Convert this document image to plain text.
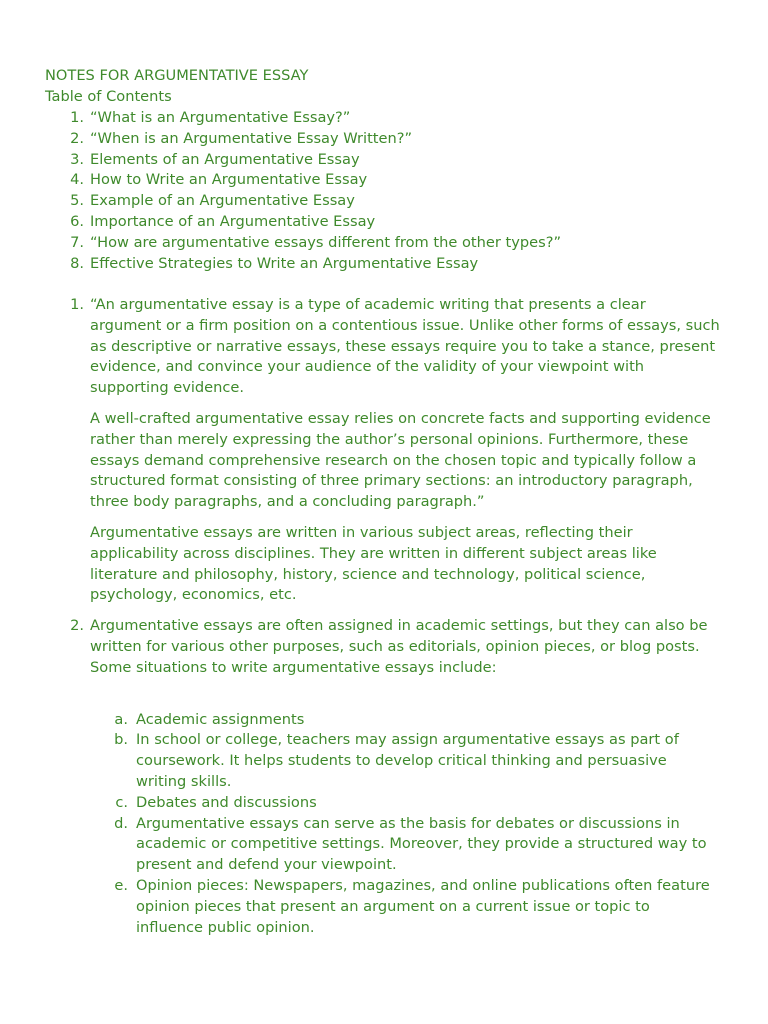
NOTES FOR ARGUMENTATIVE ESSAY
Table of Contents
1. “What is an Argumentative Essay?”
2. “When is an Argumentative Essay Written?”
3. Elements of an Argumentative Essay
4. How to Write an Argumentative Essay
5. Example of an Argumentative Essay
6. Importance of an Argumentative Essay
7. “How are argumentative essays different from the other types?”
8. Effective Strategies to Write an Argumentative Essay
1. “An argumentative essay is a type of academic writing that presents a clear argument or a firm position on a contentious issue. Unlike other forms of essays, such as descriptive or narrative essays, these essays require you to take a stance, present evidence, and convince your audience of the validity of your viewpoint with supporting evidence.

A well-crafted argumentative essay relies on concrete facts and supporting evidence rather than merely expressing the author’s personal opinions. Furthermore, these essays demand comprehensive research on the chosen topic and typically follow a structured format consisting of three primary sections: an introductory paragraph, three body paragraphs, and a concluding paragraph.”

Argumentative essays are written in various subject areas, reflecting their applicability across disciplines. They are written in different subject areas like literature and philosophy, history, science and technology, political science, psychology, economics, etc.

2. Argumentative essays are often assigned in academic settings, but they can also be written for various other purposes, such as editorials, opinion pieces, or blog posts. Some situations to write argumentative essays include:

a. Academic assignments

b. In school or college, teachers may assign argumentative essays as part of coursework. It helps students to develop critical thinking and persuasive writing skills.

c. Debates and discussions

d. Argumentative essays can serve as the basis for debates or discussions in academic or competitive settings. Moreover, they provide a structured way to present and defend your viewpoint.

e. Opinion pieces: Newspapers, magazines, and online publications often feature opinion pieces that present an argument on a current issue or topic to influence public opinion.
